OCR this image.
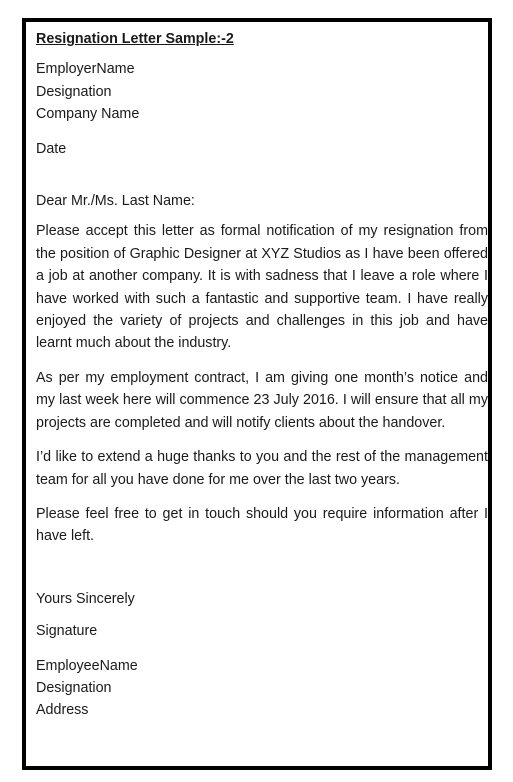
Resignation Letter Sample:-2

EmployerName
Designation
Company Name

Date

Dear Mr./Ms. Last Name:

Please accept this letter as formal notification of my resignation from the position of Graphic Designer at XYZ Studios as I have been offered a job at another company. It is with sadness that I leave a role where I have worked with such a fantastic and supportive team. I have really enjoyed the variety of projects and challenges in this job and have learnt much about the industry.

As per my employment contract, I am giving one month’s notice and my last week here will commence 23 July 2016. I will ensure that all my projects are completed and will notify clients about the handover.

I’d like to extend a huge thanks to you and the rest of the management team for all you have done for me over the last two years.

Please feel free to get in touch should you require information after I have left.

Yours Sincerely

Signature

EmployeeName
Designation
Address
